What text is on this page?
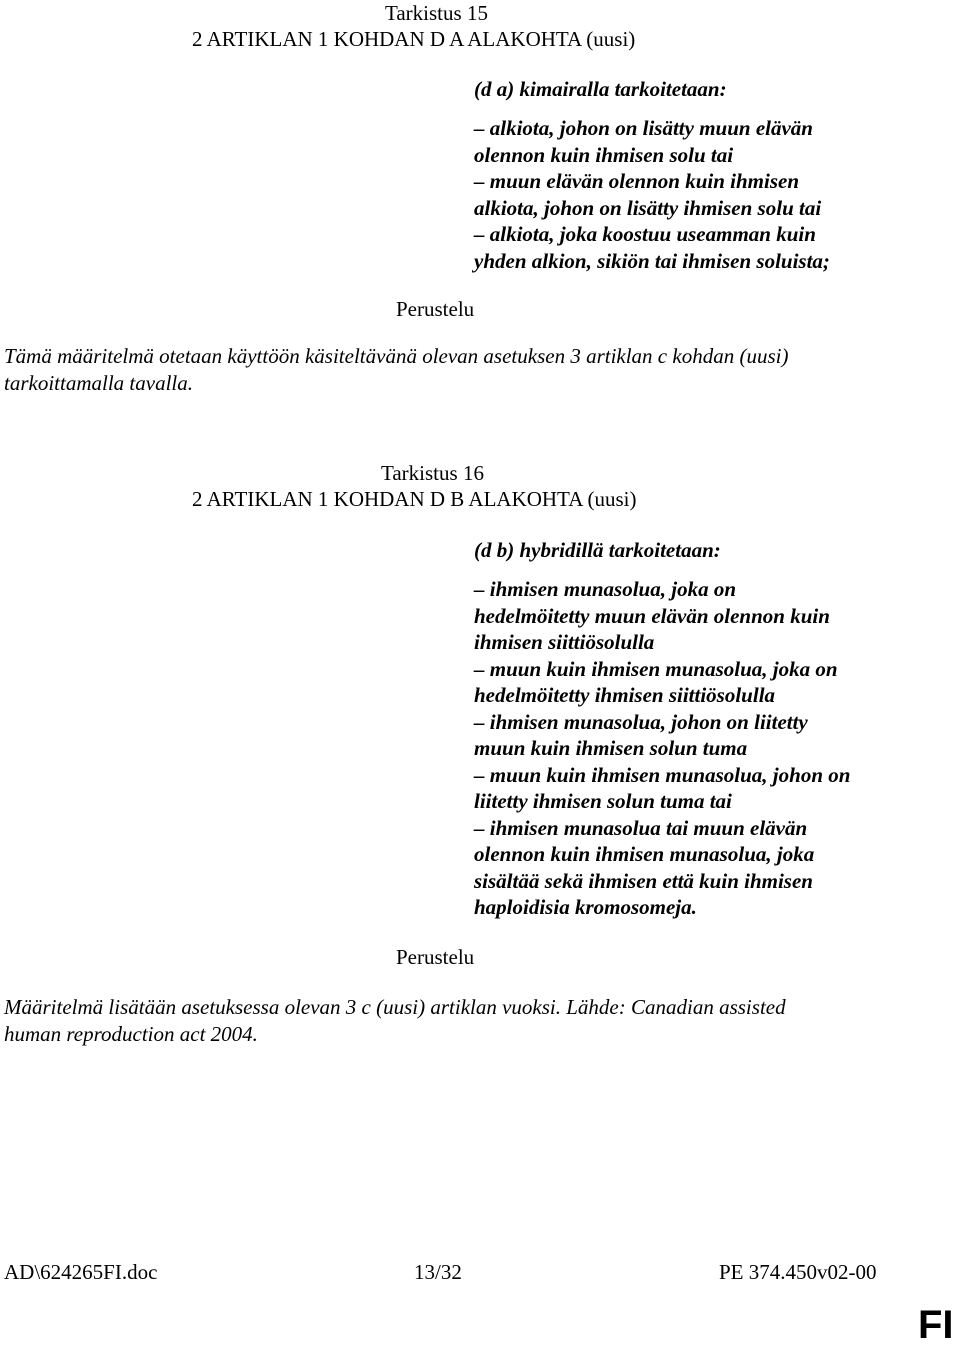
Tarkistus 15
2 ARTIKLAN 1 KOHDAN D A ALAKOHTA (uusi)
(d a) kimairalla tarkoitetaan:
– alkiota, johon on lisätty muun elävän
olennon kuin ihmisen solu tai
– muun elävän olennon kuin ihmisen
alkiota, johon on lisätty ihmisen solu tai
– alkiota, joka koostuu useamman kuin
yhden alkion, sikiön tai ihmisen soluista;
Perustelu
Tämä määritelmä otetaan käyttöön käsiteltävänä olevan asetuksen 3 artiklan c kohdan (uusi)
tarkoittamalla tavalla.
Tarkistus 16
2 ARTIKLAN 1 KOHDAN D B ALAKOHTA (uusi)
(d b) hybridillä tarkoitetaan:
– ihmisen munasolua, joka on
hedelmöitetty muun elävän olennon kuin
ihmisen siittiösolulla
– muun kuin ihmisen munasolua, joka on
hedelmöitetty ihmisen siittiösolulla
– ihmisen munasolua, johon on liitetty
muun kuin ihmisen solun tuma
– muun kuin ihmisen munasolua, johon on
liitetty ihmisen solun tuma tai
– ihmisen munasolua tai muun elävän
olennon kuin ihmisen munasolua, joka
sisältää sekä ihmisen että kuin ihmisen
haploidisia kromosomeja.
Perustelu
Määritelmä lisätään asetuksessa olevan 3 c (uusi) artiklan vuoksi. Lähde: Canadian assisted
human reproduction act 2004.
AD\624265FI.doc	13/32	PE 374.450v02-00
FI
